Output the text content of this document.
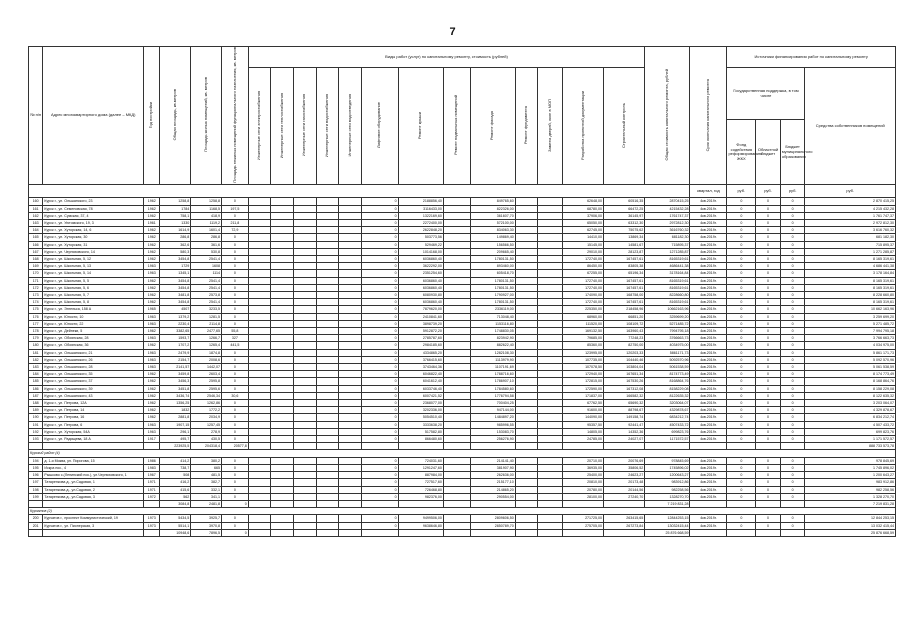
7
№ п/п	Адрес многоквартирного дома (далее – МКД)	Год постройки	Общая площадь, кв.метров	Площадь жилых помещений, кв. метров	Площадь нежилых помещений функционального назначения, кв. метров	Виды работ (услуг) по капитальному ремонту, стоимость (рублей)													Общая стоимость капитального ремонта, рублей	Срок окончания капитального ремонта	Источники финансирования работ по капитальному ремонту			
						Инженерные сети электроснабжения	Инженерные сети теплоснабжения	Инженерные сети газоснабжения	Инженерные сети водоснабжения	Инженерные сети водоотведения	Лифтовое оборудование	Ремонт крыши	Ремонт подвальных помещений	Ремонт фасада	Ремонт фундамента	Замена дверей, окон в МОП	Разработка проектной документации	Строительный контроль			Государственная поддержка, в том числе			Средства собственников помещений
																					Фонд содействия реформированию ЖКХ	Областной бюджет	Бюджет муниципального образования	
																				квартал, год	руб.	руб.	руб.	руб.
160	Курск г., ул. Ольшанского, 23	1962	1258,8	1258,8	0						0	2188856,40		849765,60			62648,00	60516,35	2870415,25	4кв.2019г.	0	0	0	2 870 415,25
161	Курск г., ул. Семеновская, 78	1962	1784	1168,5	197,5						0	3116433,00		822326,00			68780,00	66472,25	4215432,28	4кв.2019г.	0	0	0	4 215 432,28
162	Курск г., ул. Сумская, 37, 4	1962	758,1	418,9	0						0	1322169,60		361607,70			37906,00	36145,97	1761747,37	4кв.2019г.	0	0	0	1 761 747,37
163	Курск г., ул. Уютомского, 19, 3	1961	1330	1119,2	211,8						0	2272400,00		572100,00			65050,00	63312,30	2972812,30	4кв.2019г.	0	0	0	2 972 812,30
164	Курск г., ул. Хуторская, 14, 6	1962	1614,9	1601,4	72,9						0	2622848,20		834063,30			62745,00	75075,62	3616760,32	4кв.2019г.	0	0	0	3 616 760,32
165	Курск г., ул. Хуторская, 30	1962	286,8	286,8	0						0	503773,56		149869,40			14410,00	13869,34	681182,30	4кв.2019г.	0	0	0	681 182,30
166	Курск г., ул. Хуторская, 31	1962	362,6	361,6	0						0	529469,22		156566,50			15145,00	14581,67	715895,37	4кв.2019г.	0	0	0	715 895,37
167	Курск г., ул. Черняховского, 14	1962	580,3	530,8	0						0	1014168,00		209665,40			29010,00	28123,87	1271285,87	4кв.2019г.	0	0	0	1 271 285,87
168	Курск г., ул. Школьная, 5, 12	1962	3454,8	2541,4	0						0	6036860,40		1780131,50			172740,00	167457,61	8165319,61	4кв.2019г.	0	0	0	8 165 319,61
169	Курск г., ул. Школьная, 5, 13	1963	1729	1608	0						0	3622292,00		893460,00			86450,00	83805,38	4686441,38	4кв.2019г.	0	0	0	4 686 441,38
170	Курск г., ул. Школьная, 5, 14	1963	1345,1	1114	0						0	2351254,60		605418,70			67255,00	65196,34	3178164,84	4кв.2019г.	0	0	0	3 178 164,84
171	Курск г., ул. Школьная, 5, 5	1962	3454,8	2541,4	0						0	6036860,40		1780131,50			172740,00	167457,61	8165319,61	4кв.2019г.	0	0	0	8 165 319,61
172	Курск г., ул. Школьная, 5, 6	1962	3454,8	2541,4	0						0	6036860,40		1780131,50			172740,00	167457,61	8165319,61	4кв.2019г.	0	0	0	8 165 319,61
173	Курск г., ул. Школьная, 5, 7	1962	3481,8	2573,8	0						0	6080930,80		1790927,00			174090,00	168758,00	8228660,80	4кв.2019г.	0	0	0	8 228 660,80
174	Курск г., ул. Школьная, 5, 8	1962	3454,8	2541,4	0						0	6036860,40		1780131,50			172740,00	167457,61	8165319,61	4кв.2019г.	0	0	0	8 165 319,61
175	Курск г., ул. Энгельса, 158 А	1965	4507	3233,5	0						0	7879620,00		2336119,00			225350,00	218458,96	10662163,96	4кв.2019г.	0	0	0	10 662 163,96
176	Курск г., ул. Юности, 10	1963	1379,2	1281,5	0						0	2410841,60		713048,40			68960,00	66851,20	3259699,20	4кв.2019г.	0	0	0	3 259 699,20
177	Курск г., ул. Юности, 22	1963	2230,4	2114,8	0						0	3898739,20		1153116,80			111520,00	108109,72	5271485,72	4кв.2019г.	0	0	0	5 271 485,72
178	Курск г., ул. Дейнеки, 5	1962	3382,65	2477,65	55,8						0	5912872,20		1748830,05			169132,50	163960,43	7994795,18	4кв.2019г.	0	0	0	7 994 795,18
179	Курск г., ул. Обоянская, 28	1963	1593,7	1266,7	327						0	2785787,60		823942,90			79685,00	77248,23	3766663,73	4кв.2019г.	0	0	0	3 766 663,73
180	Курск г., ул. Обоянская, 36	1962	1707,2	1265,4	441,5						0	2984185,60		882622,40			85360,00	82750,00	4034975,00	4кв.2019г.	0	0	0	4 034 975,00
181	Курск г., ул. Ольшанского, 21	1963	2479,9	1874,8	0						0	4334865,20		1282108,30			123995,00	120203,33	5861171,73	4кв.2019г.	0	0	0	5 861 171,73
182	Курск г., ул. Ольшанского, 26	1963	2154,7	2008,6	0						0	3766415,60		1113979,90			107735,00	104440,46	5092570,96	4кв.2019г.	0	0	0	5 092 570,96
183	Курск г., ул. Ольшанского, 28	1963	2141,57	1442,07	0						0	3743464,36		1107191,69			107078,50	103804,04	5061538,59	4кв.2019г.	0	0	0	5 061 538,59
184	Курск г., ул. Ольшанского, 35	1962	3459,8	2603,4	0						0	6046822,40		1788716,60			172940,00	167651,34	8174773,49	4кв.2019г.	0	0	0	8 174 773,49
185	Курск г., ул. Ольшанского, 37	1962	3456,3	2595,8	0						0	6041612,40		1786907,10			172815,00	167530,26	8168864,76	4кв.2019г.	0	0	0	8 168 864,76
186	Курск г., ул. Ольшанского, 39	1962	3451,8	2595,6	0						0	6033746,40		1784580,60			172590,00	167312,08	8158229,08	4кв.2019г.	0	0	0	8 158 229,08
187	Курск г., ул. Ольшанского, 43	1962	3436,74	2546,34	30,6						0	6007421,52		1776794,58			171837,00	166582,32	8122635,32	4кв.2019г.	0	0	0	8 122 635,32
188	Курск г., ул. Петрова, 12А	1962	1356,25	1262,86	0						0	2368077,00		700404,25			67762,50	65690,32	3203064,07	4кв.2019г.	0	0	0	3 203 064,07
189	Курск г., ул. Петрова, 14	1962	1832	1772,2	0						0	3202336,00		947144,00			91600,00	88798,67	4329878,67	4кв.2019г.	0	0	0	4 329 878,67
190	Курск г., ул. Петрова, 16	1962	2881,8	2034,9	0						0	5054510,40		1484897,20			144090,00	149158,74	6834212,74	4кв.2019г.	0	0	0	6 834 212,74
191	Курск г., ул. Петрова, 6	1963	1907,15	1257,45	0						0	3333638,20		985996,55			95357,50	92441,47	4507433,72	4кв.2019г.	0	0	0	4 507 433,72
192	Курск г., ул. Хуторская, 54А	1963	296,1	278,9	0						0	517582,80		153083,70			14805,00	14352,36	699823,76	4кв.2019г.	0	0	0	699 823,76
193	Курск г., ул. Радищева, 18 А	1917	495,7	430,5	0						0	866480,60		256276,90			24785,00	24027,07	1171572,57	4кв.2019г.	0	0	0	1 171 572,57
			223925,5	204318,4	20577,8																			888 733 573,78
Курский район (4)																								
194	д. 1-я Моква, ул. Пирогова, 15	1986	414,2	380,2	0						0	724031,60		214141,40			20710,00	20076,69	978845,69	4кв.2019г.	0	0	0	978 845,69
195	Искра пос., 4	1983	738,7	665	0						0	1291247,60		381907,90			36935,00	35806,52	1745896,02	4кв.2019г.	0	0	0	1 745 896,02
196	Рышково с.(Ленинский пос.), ул.Черняховского, 1	1967	508	481,5	0						0	887984,00		262636,00			25400,00	24623,27	1200643,27	4кв.2019г.	0	0	0	1 200 643,27
197	Татаренкова д., ул.Садовая, 1	1971	416,2	382,7	0						0	727517,60		215177,10			20810,00	20173,48	983912,86	4кв.2019г.	0	0	0	983 912,86
198	Татаренкова д., ул.Садовая, 2	1971	415,6	332,1	0						0	726468,80		214865,20			20780,00	20144,56	982258,56	4кв.2019г.	0	0	0	982 258,56
199	Татаренкова д., ул.Садовая, 3	1972	562	341,1	0						0	982376,00		290554,00			28100,00	27240,70	1328270,70	4кв.2019г.	0	0	0	1 328 270,70
			3084,8	2481,8	0														7 219 831,28					7 219 831,28
Курчатов (2)																								
200	Курчатов г., проспект Коммунистический, 19	1973	5434,5	3925,7	0						0	9499506,00		2809606,50			271725,00	263415,65	12844253,15	4кв.2019г.	0	0	0	12 844 253,15
201	Курчатов г., ул. Пионерская, 3	1973	5514,1	3970,8	0						0	9638646,80		2850789,70			275705,00	267273,84	13032415,44	4кв.2019г.	0	0	0	13 032 415,44
			10948,6	7896,5	0														25 876 668,59					25 876 668,59
